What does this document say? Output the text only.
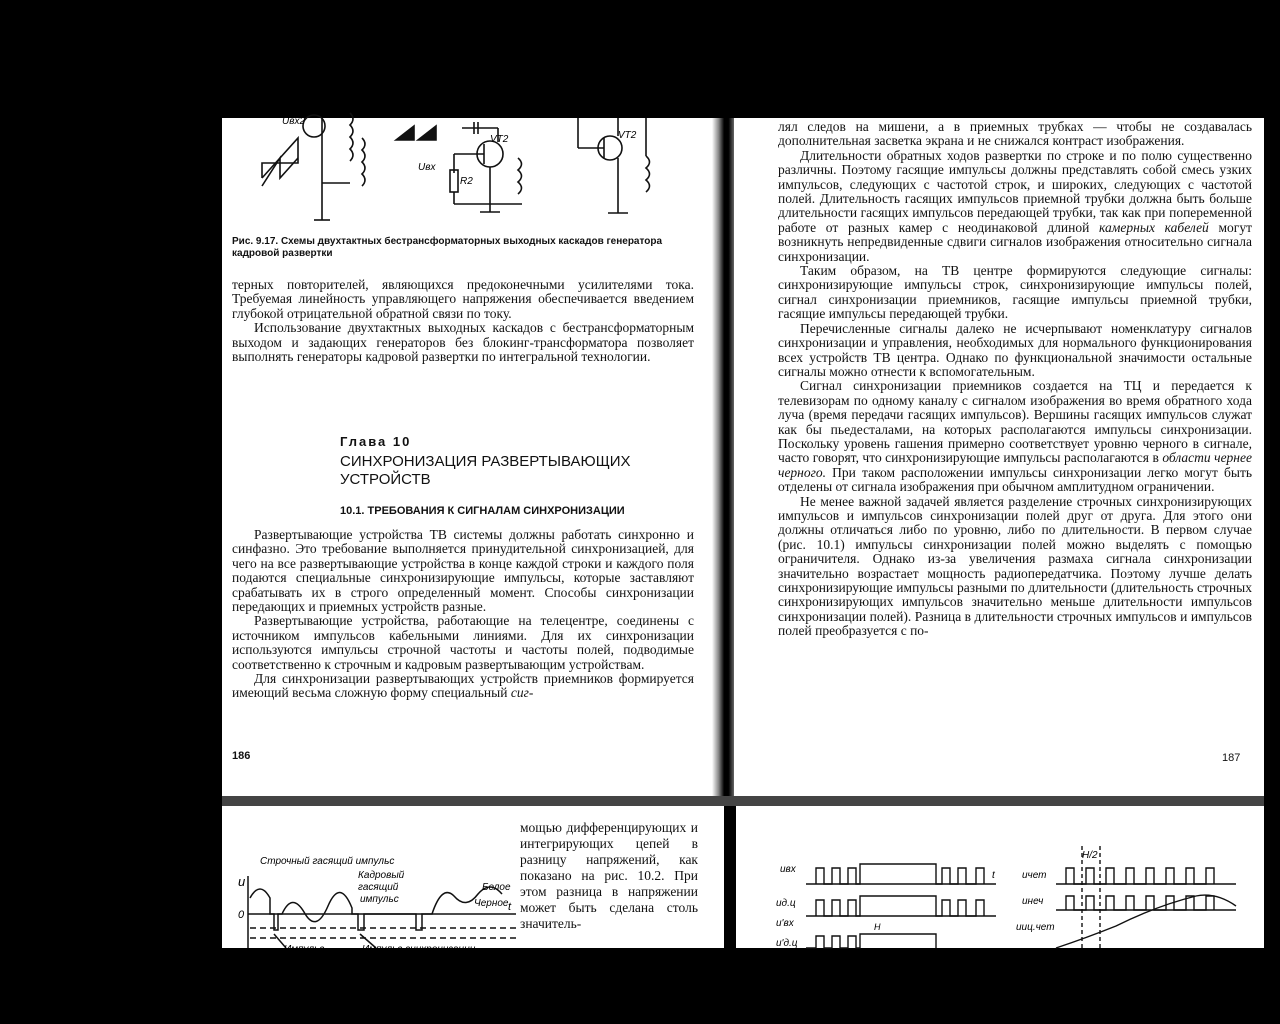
Uвх2
VT2
Uвх
R2
VT2
Рис. 9.17. Схемы двухтактных бестрансформаторных выходных каскадов генератора кадровой развертки

терных повторителей, являющихся предоконечными усилителями тока. Требуемая линейность управляющего напряжения обеспечивается введением глубокой отрицательной обратной связи по току.

Использование двухтактных выходных каскадов с бестрансформаторным выходом и задающих генераторов без блокинг-трансформатора позволяет выполнять генераторы кадровой развертки по интегральной технологии.

Глава 10
СИНХРОНИЗАЦИЯ РАЗВЕРТЫВАЮЩИХ
УСТРОЙСТВ
10.1. ТРЕБОВАНИЯ К СИГНАЛАМ СИНХРОНИЗАЦИИ

Развертывающие устройства ТВ системы должны работать синхронно и синфазно. Это требование выполняется принудительной синхронизацией, для чего на все развертывающие устройства в конце каждой строки и каждого поля подаются специальные синхронизирующие импульсы, которые заставляют срабатывать их в строго определенный момент. Способы синхронизации передающих и приемных устройств разные.

Развертывающие устройства, работающие на телецентре, соединены с источником импульсов кабельными линиями. Для их синхронизации используются импульсы строчной частоты и частоты полей, подводимые соответственно к строчным и кадровым развертывающим устройствам.

Для синхронизации развертывающих устройств приемников формируется имеющий весьма сложную форму специальный сиг-

186

лял следов на мишени, а в приемных трубках — чтобы не создавалась дополнительная засветка экрана и не снижался контраст изображения.

Длительности обратных ходов развертки по строке и по полю существенно различны. Поэтому гасящие импульсы должны представлять собой смесь узких импульсов, следующих с частотой строк, и широких, следующих с частотой полей. Длительность гасящих импульсов приемной трубки должна быть больше длительности гасящих импульсов передающей трубки, так как при попеременной работе от разных камер с неодинаковой длиной камерных кабелей могут возникнуть непредвиденные сдвиги сигналов изображения относительно сигнала синхронизации.

Таким образом, на ТВ центре формируются следующие сигналы: синхронизирующие импульсы строк, синхронизирующие импульсы полей, сигнал синхронизации приемников, гасящие импульсы приемной трубки, гасящие импульсы передающей трубки.

Перечисленные сигналы далеко не исчерпывают номенклатуру сигналов синхронизации и управления, необходимых для нормального функционирования всех устройств ТВ центра. Однако по функциональной значимости остальные сигналы можно отнести к вспомогательным.

Сигнал синхронизации приемников создается на ТЦ и передается к телевизорам по одному каналу с сигналом изображения во время обратного хода луча (время передачи гасящих импульсов). Вершины гасящих импульсов служат как бы пьедесталами, на которых располагаются импульсы синхронизации. Поскольку уровень гашения примерно соответствует уровню черного в сигнале, часто говорят, что синхронизирующие импульсы располагаются в области чернее черного. При таком расположении импульсы синхронизации легко могут быть отделены от сигнала изображения при обычном амплитудном ограничении.

Не менее важной задачей является разделение строчных синхронизирующих импульсов и импульсов синхронизации полей друг от друга. Для этого они должны отличаться либо по уровню, либо по длительности. В первом случае (рис. 10.1) импульсы синхронизации полей можно выделять с помощью ограничителя. Однако из-за увеличения размаха сигнала синхронизации значительно возрастает мощность радиопередатчика. Поэтому лучше делать синхронизирующие импульсы разными по длительности (длительность строчных синхронизирующих импульсов значительно меньше длительности импульсов синхронизации полей). Разница в длительности строчных импульсов и импульсов полей преобразуется с по-

187
u
0
t
Строчный гасящий импульс
Кадровый
гасящий
импульс
Белое
Черное
Импульс	Импульс синхронизации

мощью дифференцирующих и интегрирующих цепей в разницу напряжений, как показано на рис. 10.2. При этом разница в напряжении может быть сделана столь значитель-

uвх
uд.ц
u'вх
u'д.ц
H
t	uчет
uнеч
uиц.чет
H/2
